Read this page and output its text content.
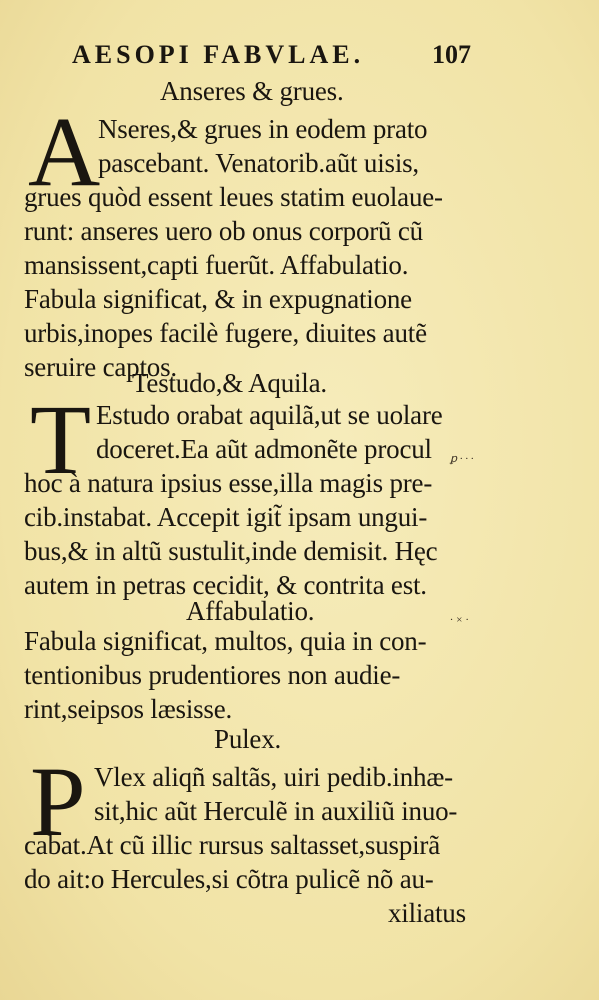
AESOPI FABVLAE.	107
Anseres & grues.
A
Nseres,& grues in eodem prato
pascebant. Venatorib.aũt uisis,
grues quòd essent leues statim euolaue-
runt: anseres uero ob onus corporũ cũ
mansissent,capti fuerũt. Affabulatio.
Fabula significat, & in expugnatione
urbis,inopes facilè fugere, diuites autẽ
seruire captos.
Testudo,& Aquila.
T Estudo orabat aquilã,ut se uolare
doceret.Ea aũt admonẽte procul ꝑ ∙ ∙ ∙
hoc à natura ipsius esse,illa magis pre-
cib.instabat. Accepit igit̃ ipsam ungui-
bus,& in altũ sustulit,inde demisit. Hęc
autem in petras cecidit, & contrita est.
Affabulatio.	∙ × ∙
Fabula significat, multos, quia in con-
tentionibus prudentiores non audie-
rint,seipsos læsisse.
Pulex.
P Vlex aliqñ saltãs, uiri pedib.inhæ-
sit,hic aũt Herculẽ in auxiliũ inuo-
cabat.At cũ illic rursus saltasset,suspirã
do ait:o Hercules,si cõtra pulicẽ nõ au-
xiliatus
